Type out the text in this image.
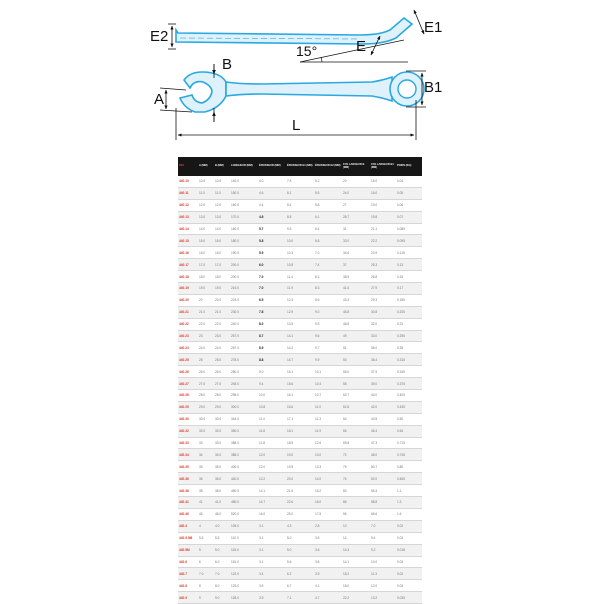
E2
E1
15°	E
B
A
B1
L
REF	A (MM)	B (MM)	LONGUEUR (MM)	ÉPAISSEUR (MM)	ÉPAISSEUR E1 (MM)	ÉPAISSEUR E2 (MM)	15% LARGEUR B (MM)	15% LARGEUR B1 (MM)	POIDS (KG)
440.10	10.0	10.0	140.0	4.0	7.4	5.2	20	15.0	0.04
440.11	11.0	11.0	150.0	4.6	8.1	5.5	24.0	16.0	0.05
440.12	12.0	12.0	160.0	4.4	8.4	5.8	27	19.0	0.06
440.13	13.0	13.0	170.0	4.8	8.8	6.1	28.7	19.8	0.07
440.14	14.0	14.0	180.0	5.7	9.5	6.4	31	21.1	0.085
440.15	15.0	15.0	180.0	5.8	10.0	6.8	33.0	22.2	0.095
440.16	16.0	16.0	190.0	5.9	10.3	7.0	34.6	23.9	0.115
440.17	17.0	17.0	200.0	6.0	10.8	7.4	37	25.3	0.13
440.18	18.0	18.0	200.0	7.0	11.4	8.1	38.9	26.8	0.15
440.19	19.0	19.0	216.0	7.0	11.9	8.3	41.0	27.9	0.17
440.20	20	20.0	224.0	6.5	12.3	8.6	43.3	29.3	0.185
440.21	21.0	21.0	230.0	7.8	12.9	9.0	45.8	30.8	0.205
440.22	22.0	22.0	240.0	8.0	13.5	9.5	46.8	32.0	0.23
440.23	23	23.0	257.0	8.7	14.1	9.6	49	33.0	0.255
440.24	24.0	24.0	267.0	8.9	14.2	9.7	51	35.0	0.28
440.25	25	25.0	278.0	8.8	14.7	9.9	53	36.4	0.315
440.26	26.0	26.0	280.0	9.0	15.1	10.1	55.0	37.9	0.345
440.27	27.0	27.0	245.0	9.4	15.6	10.4	58	39.0	0.375
440.28	28.0	28.0	295.0	10.0	16.1	10.7	60.7	40.0	0.405
440.29	29.0	29.0	300.0	10.8	16.6	11.0	61.8	42.0	0.435
440.30	30.0	30.0	344.0	11.0	17.1	11.3	64	43.5	0.50
440.32	32.0	32.0	350.0	11.8	18.1	11.9	66	46.4	0.64
440.33	33	33.0	388.0	11.8	18.5	12.6	69.8	47.3	0.715
440.34	34	34.0	385.0	12.0	19.0	13.0	72	48.0	0.745
440.35	35	35.0	400.0	12.0	19.5	13.3	75	50.7	0.80
440.36	36	36.0	440.0	12.2	20.0	14.0	76	52.0	0.845
440.38	38	38.0	450.0	14.1	21.0	15.2	80	55.4	1.1
440.41	41	41.0	480.0	14.7	22.6	16.0	86	58.8	1.3
440.46	46	46.0	520.0	16.0	25.0	17.5	96	66.6	1.6
440.4	4	4.0	105.0	3.1	4.3	2.8	10	7.0	0.02
440.5.5M	5.5	5.5	110.0	3.1	5.0	3.5	14	9.4	0.03
440.5M	5	5.0	115.0	3.1	5.0	3.6	14.3	9.2	0.018
440.6	6	6.0	115.0	3.1	5.6	3.8	14.1	10.0	0.03
440.7	7.0	7.0	122.0	3.4	6.2	3.9	15.2	11.3	0.02
440.8	8	8.0	125.0	3.5	6.7	4.1	18.0	12.0	0.03
440.9	9	9.0	128.0	3.9	7.1	4.7	22.2	13.2	0.035
